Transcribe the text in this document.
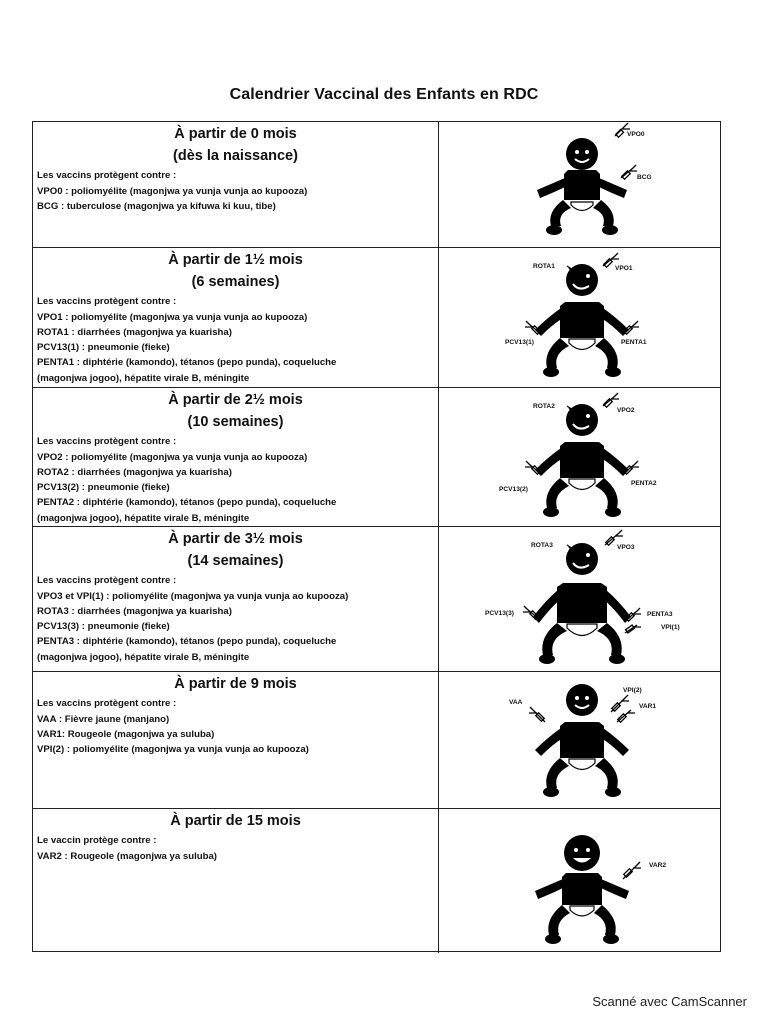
Calendrier Vaccinal des Enfants en RDC
À partir de 0 mois
(dès la naissance)
Les vaccins protègent contre :
VPO0 : poliomyélite (magonjwa ya vunja vunja ao kupooza)
BCG : tuberculose (magonjwa ya kifuwa ki kuu, tibe)
VPO0
BCG
À partir de 1½ mois
(6 semaines)
Les vaccins protègent contre :
VPO1 : poliomyélite (magonjwa ya vunja vunja ao kupooza)
ROTA1 : diarrhées (magonjwa ya kuarisha)
PCV13(1) : pneumonie (fieke)
PENTA1 : diphtérie (kamondo), tétanos (pepo punda), coqueluche
(magonjwa jogoo), hépatite virale B, méningite
ROTA1	VPO1
PCV13(1)	PENTA1
À partir de 2½ mois
(10 semaines)
Les vaccins protègent contre :
VPO2 : poliomyélite (magonjwa ya vunja vunja ao kupooza)
ROTA2 : diarrhées (magonjwa ya kuarisha)
PCV13(2) : pneumonie (fieke)
PENTA2 : diphtérie (kamondo), tétanos (pepo punda), coqueluche
(magonjwa jogoo), hépatite virale B, méningite
ROTA2
VPO2
PCV13(2)
PENTA2
À partir de 3½ mois
(14 semaines)
Les vaccins protègent contre :
VPO3 et VPI(1) : poliomyélite (magonjwa ya vunja vunja ao kupooza)
ROTA3 : diarrhées (magonjwa ya kuarisha)
PCV13(3) : pneumonie (fieke)
PENTA3 : diphtérie (kamondo), tétanos (pepo punda), coqueluche
(magonjwa jogoo), hépatite virale B, méningite
ROTA3	VPO3
PCV13(3)	PENTA3
VPI(1)
À partir de 9 mois
Les vaccins protègent contre :
VAA : Fièvre jaune (manjano)
VAR1: Rougeole (magonjwa ya suluba)
VPI(2) : poliomyélite (magonjwa ya vunja vunja ao kupooza)
VAA
VPI(2)
VAR1
À partir de 15 mois
Le vaccin protège contre :
VAR2 : Rougeole (magonjwa ya suluba)
VAR2
Scanné avec CamScanner
